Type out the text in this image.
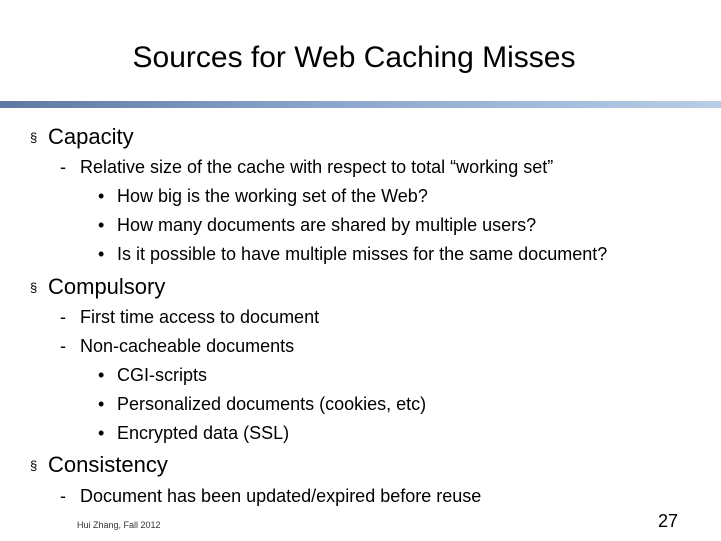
Sources for Web Caching Misses
§ Capacity
- Relative size of the cache with respect to total “working set”
• How big is the working set of the Web?
• How many documents are shared by multiple users?
• Is it possible to have multiple misses for the same document?
§ Compulsory
- First time access to document
- Non-cacheable documents
• CGI-scripts
• Personalized documents (cookies, etc)
• Encrypted data (SSL)
§ Consistency
- Document has been updated/expired before reuse
Hui Zhang, Fall 2012	27
